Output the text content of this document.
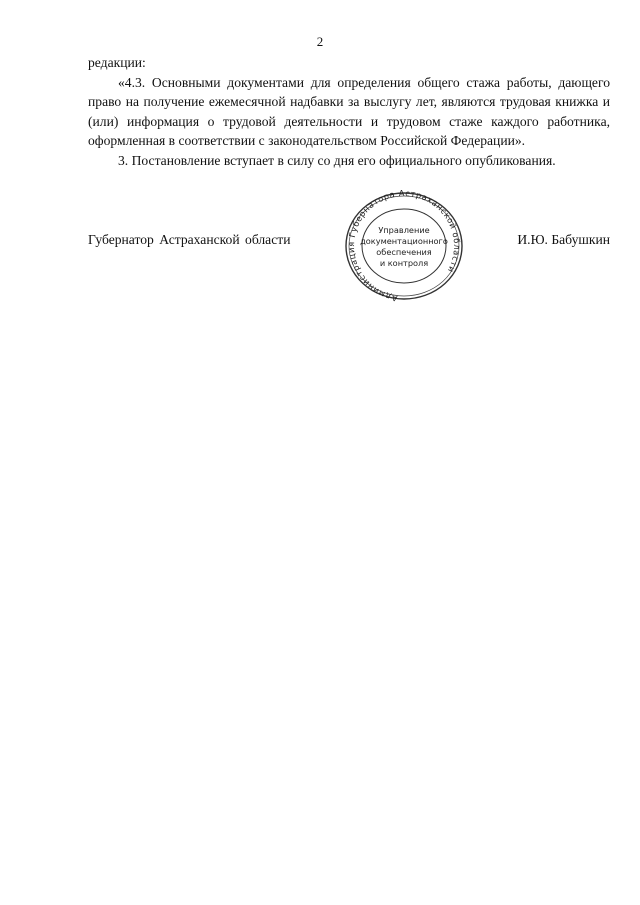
2

редакции:

«4.3. Основными документами для определения общего стажа работы, дающего право на получение ежемесячной надбавки за выслугу лет, являются трудовая книжка и (или) информация о трудовой деятельности и трудовом стаже каждого работника, оформленная в соответствии с законодательством Российской Федерации».

3. Постановление вступает в силу со дня его официального опубликования.

Губернатор Астраханской области
Администрация Губернатора Астраханской области
Управление
документационного
обеспечения
и контроля
И.Ю. Бабушкин
